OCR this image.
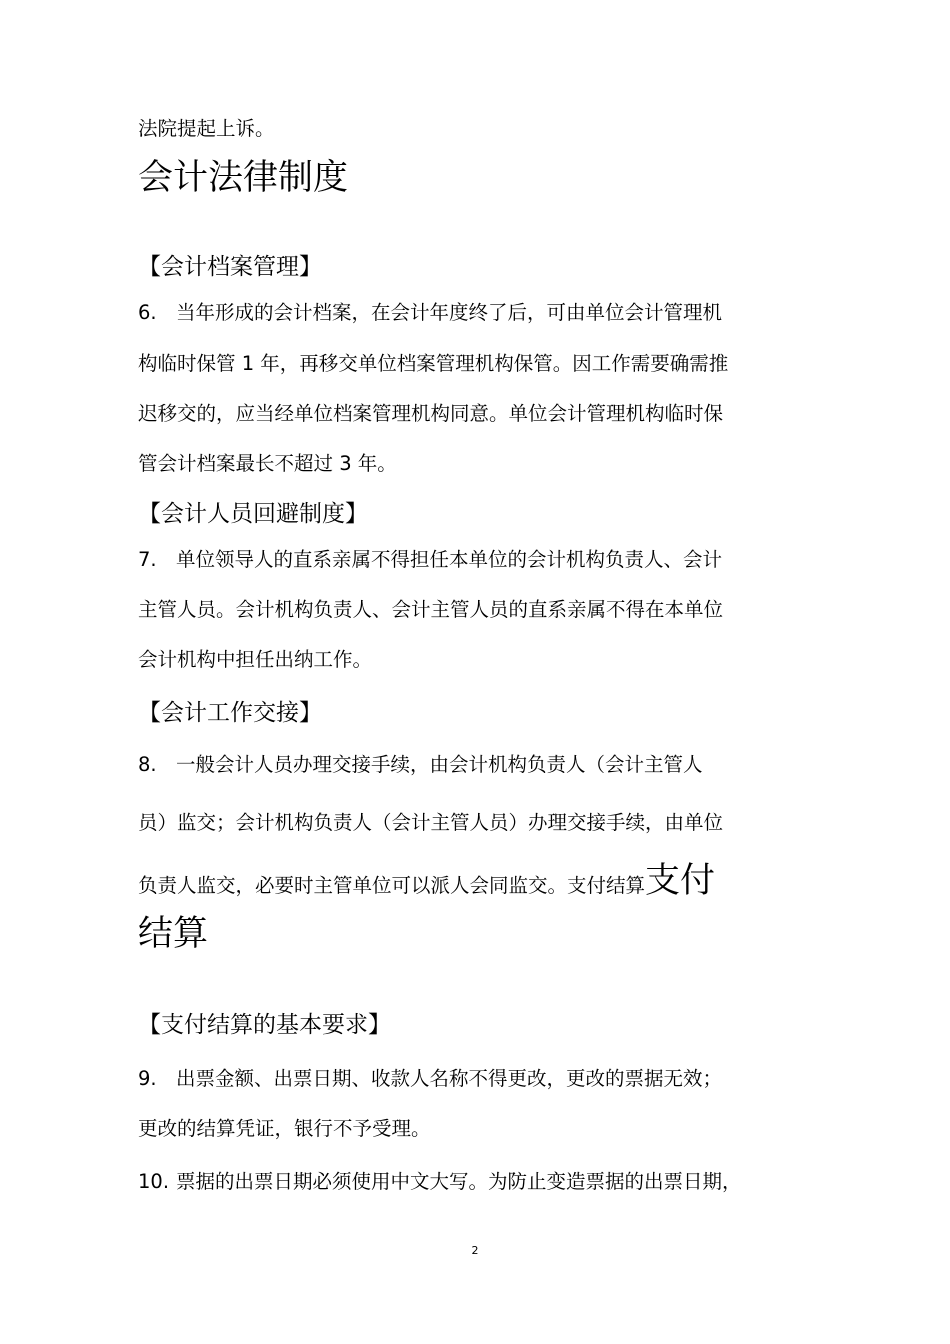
法院提起上诉。
会计法律制度
【会计档案管理】
6. 当年形成的会计档案，在会计年度终了后，可由单位会计管理机
构临时保管 1 年，再移交单位档案管理机构保管。因工作需要确需推
迟移交的，应当经单位档案管理机构同意。单位会计管理机构临时保
管会计档案最长不超过 3 年。
【会计人员回避制度】
7. 单位领导人的直系亲属不得担任本单位的会计机构负责人、会计
主管人员。会计机构负责人、会计主管人员的直系亲属不得在本单位
会计机构中担任出纳工作。
【会计工作交接】
8. 一般会计人员办理交接手续，由会计机构负责人（会计主管人
员）监交；会计机构负责人（会计主管人员）办理交接手续，由单位
负责人监交，必要时主管单位可以派人会同监交。支付结算支付
结算
【支付结算的基本要求】
9. 出票金额、出票日期、收款人名称不得更改，更改的票据无效；
更改的结算凭证，银行不予受理。
10. 票据的出票日期必须使用中文大写。为防止变造票据的出票日期，
2
